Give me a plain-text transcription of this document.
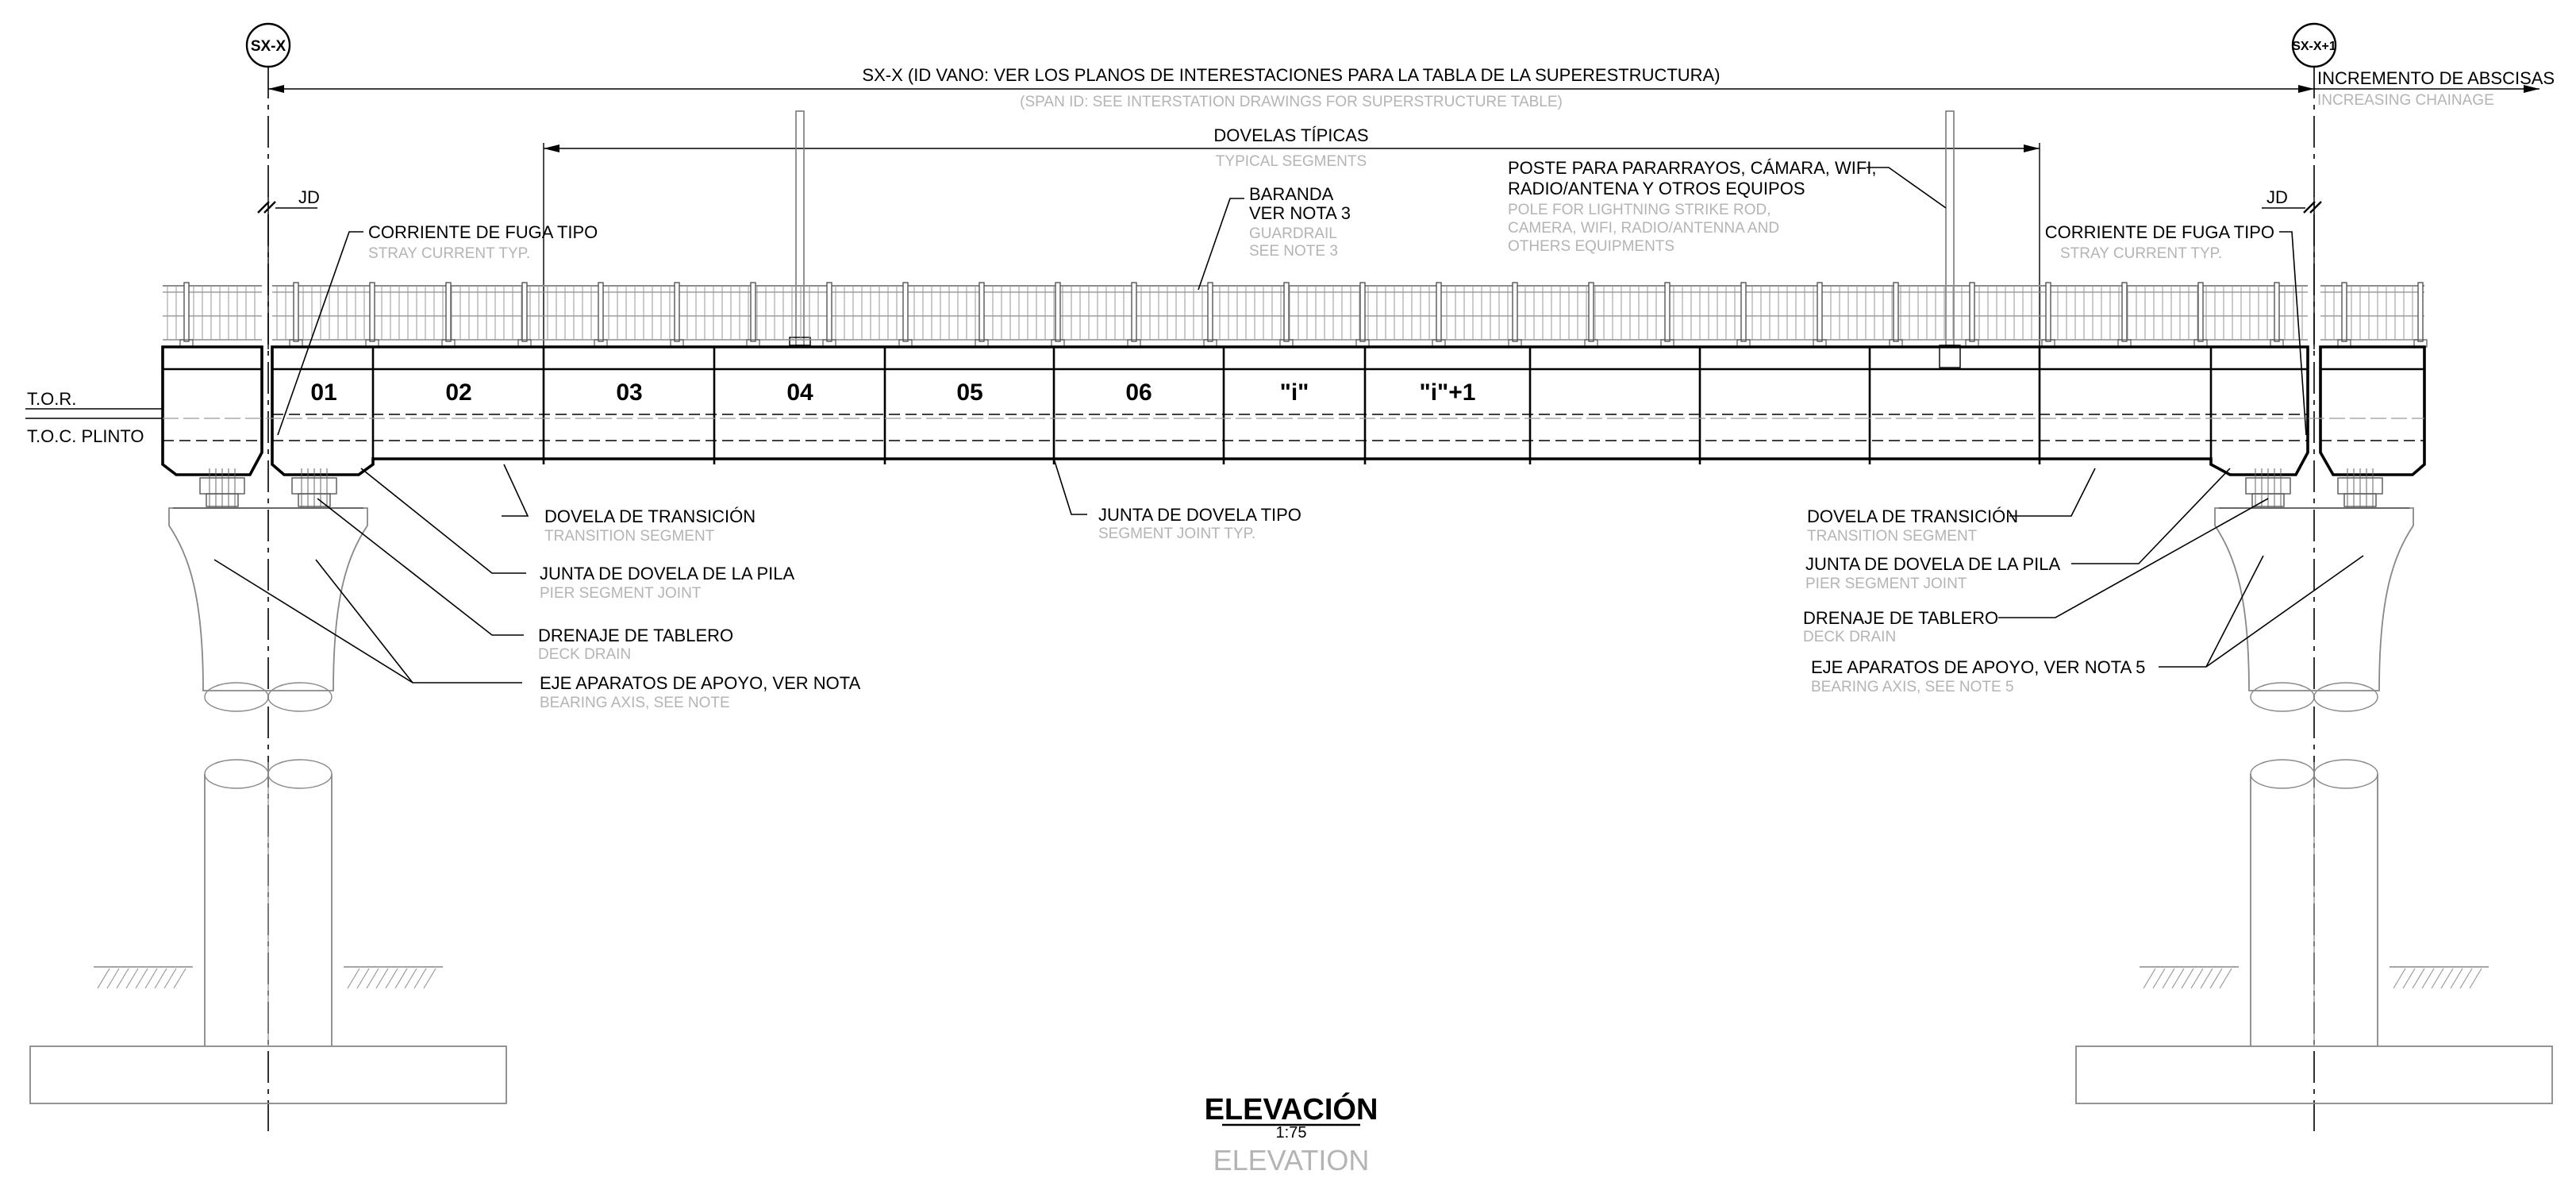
SX-X	SX-X+1
SX-X (ID VANO: VER LOS PLANOS DE INTERESTACIONES PARA LA TABLA DE LA SUPERESTRUCTURA)
(SPAN ID: SEE INTERSTATION DRAWINGS FOR SUPERSTRUCTURE TABLE)
INCREMENTO DE ABSCISAS
INCREASING CHAINAGE
DOVELAS TÍPICAS
TYPICAL SEGMENTS
01	02	03	04	05	06	"i"	"i"+1
T.O.R.
T.O.C. PLINTO
JD	JD
CORRIENTE DE FUGA TIPO
STRAY CURRENT TYP.
CORRIENTE DE FUGA TIPO
STRAY CURRENT TYP.
BARANDA
VER NOTA 3
GUARDRAIL
SEE NOTE 3
POSTE PARA PARARRAYOS, CÁMARA, WIFI,
RADIO/ANTENA Y OTROS EQUIPOS
POLE FOR LIGHTNING STRIKE ROD,
CAMERA, WIFI, RADIO/ANTENNA AND
OTHERS EQUIPMENTS
DOVELA DE TRANSICIÓN
TRANSITION SEGMENT
JUNTA DE DOVELA DE LA PILA
PIER SEGMENT JOINT
DRENAJE DE TABLERO
DECK DRAIN
EJE APARATOS DE APOYO, VER NOTA
BEARING AXIS, SEE NOTE
JUNTA DE DOVELA TIPO
SEGMENT JOINT TYP.
DOVELA DE TRANSICIÓN
TRANSITION SEGMENT
JUNTA DE DOVELA DE LA PILA
PIER SEGMENT JOINT
DRENAJE DE TABLERO
DECK DRAIN
EJE APARATOS DE APOYO, VER NOTA 5
BEARING AXIS, SEE NOTE 5
ELEVACIÓN
1:75
ELEVATION
